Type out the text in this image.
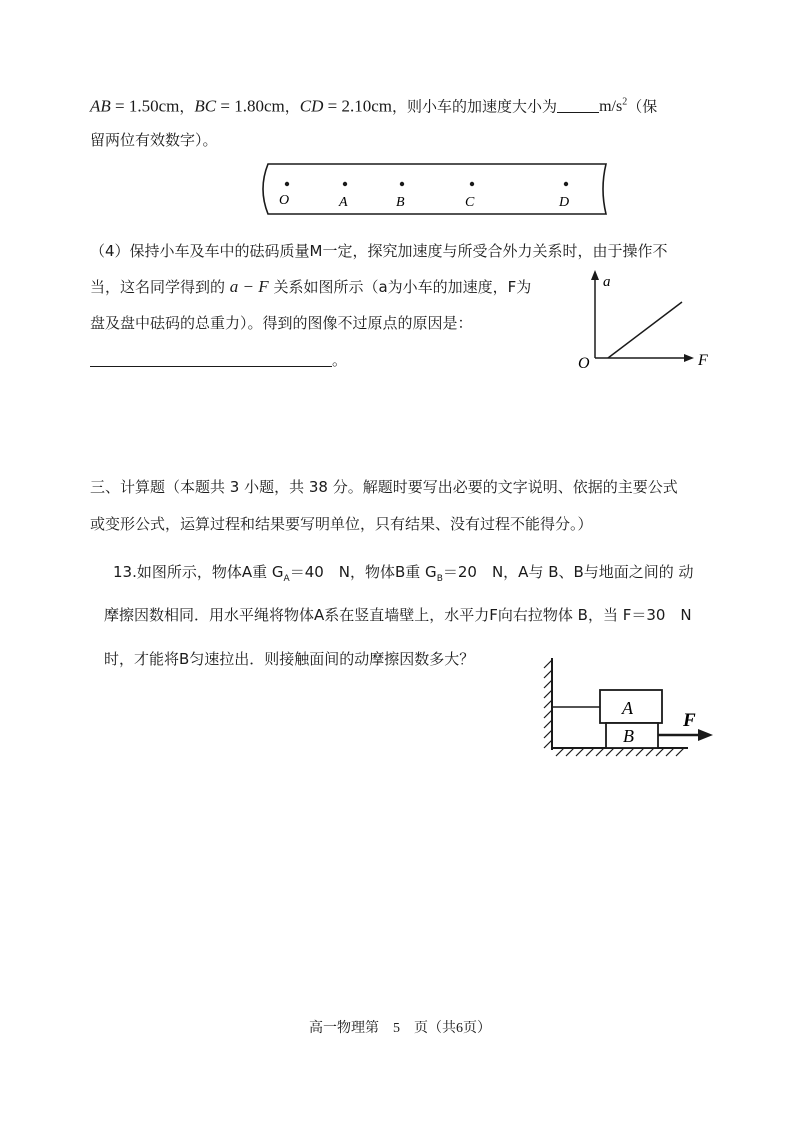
AB = 1.50cm，BC = 1.80cm，CD = 2.10cm，则小车的加速度大小为	$m/s^2$（保
留两位有效数字）。
O	A	B	C	D
（4）保持小车及车中的砝码质量M一定，探究加速度与所受合外力关系时，由于操作不
当，这名同学得到的 a − F 关系如图所示（a为小车的加速度，F为
盘及盘中砝码的总重力）。得到的图像不过原点的原因是：
。
a
F
O
三、计算题（本题共 3 小题，共 38 分。解题时要写出必要的文字说明、依据的主要公式
或变形公式，运算过程和结果要写明单位，只有结果、没有过程不能得分。）
13.如图所示，物体A重 $G_A=40$　N，物体B重 $G_B=20$　N，A与 B、B与地面之间的 动
摩擦因数相同．用水平绳将物体A系在竖直墙壁上，水平力F向右拉物体 B，当 F＝30　N
时，才能将B匀速拉出．则接触面间的动摩擦因数多大？
A
B
F
高一物理第　5　页（共6页）
